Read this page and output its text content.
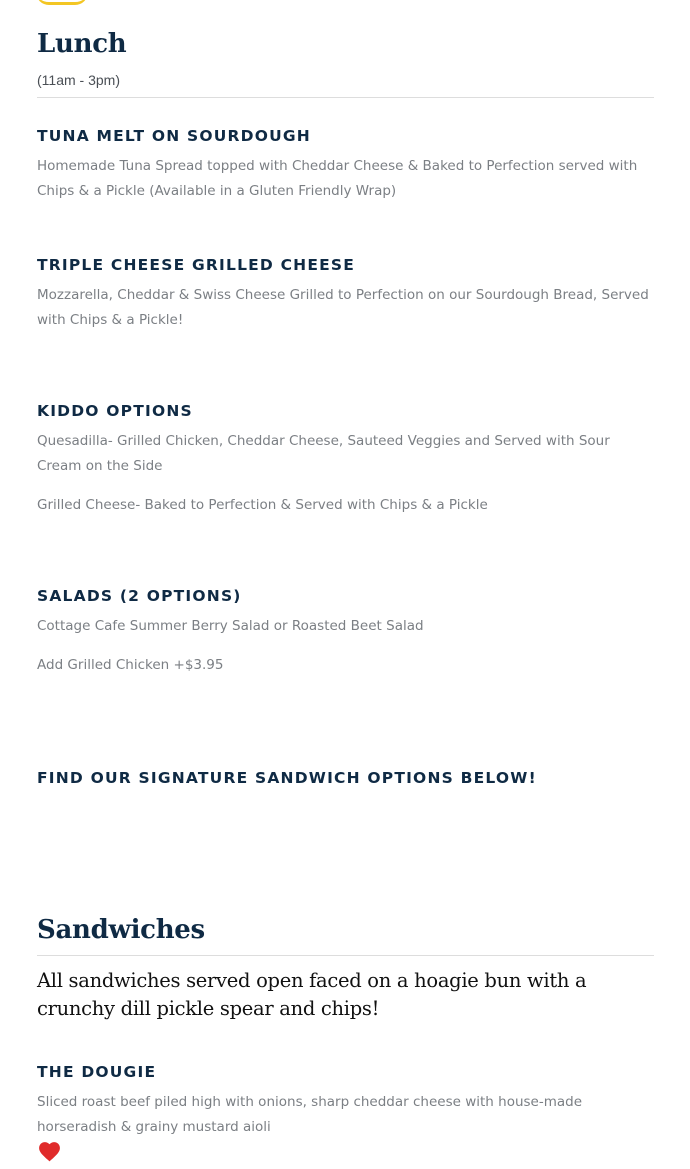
Lunch
(11am - 3pm)
TUNA MELT ON SOURDOUGH

Homemade Tuna Spread topped with Cheddar Cheese & Baked to Perfection served with Chips & a Pickle (Available in a Gluten Friendly Wrap)

TRIPLE CHEESE GRILLED CHEESE

Mozzarella, Cheddar & Swiss Cheese Grilled to Perfection on our Sourdough Bread, Served with Chips & a Pickle!

KIDDO OPTIONS

Quesadilla- Grilled Chicken, Cheddar Cheese, Sauteed Veggies and Served with Sour Cream on the Side

Grilled Cheese- Baked to Perfection & Served with Chips & a Pickle

SALADS (2 OPTIONS)

Cottage Cafe Summer Berry Salad or Roasted Beet Salad

Add Grilled Chicken +$3.95

FIND OUR SIGNATURE SANDWICH OPTIONS BELOW!
Sandwiches

All sandwiches served open faced on a hoagie bun with a crunchy dill pickle spear and chips!

THE DOUGIE

Sliced roast beef piled high with onions, sharp cheddar cheese with house-made horseradish & grainy mustard aioli
